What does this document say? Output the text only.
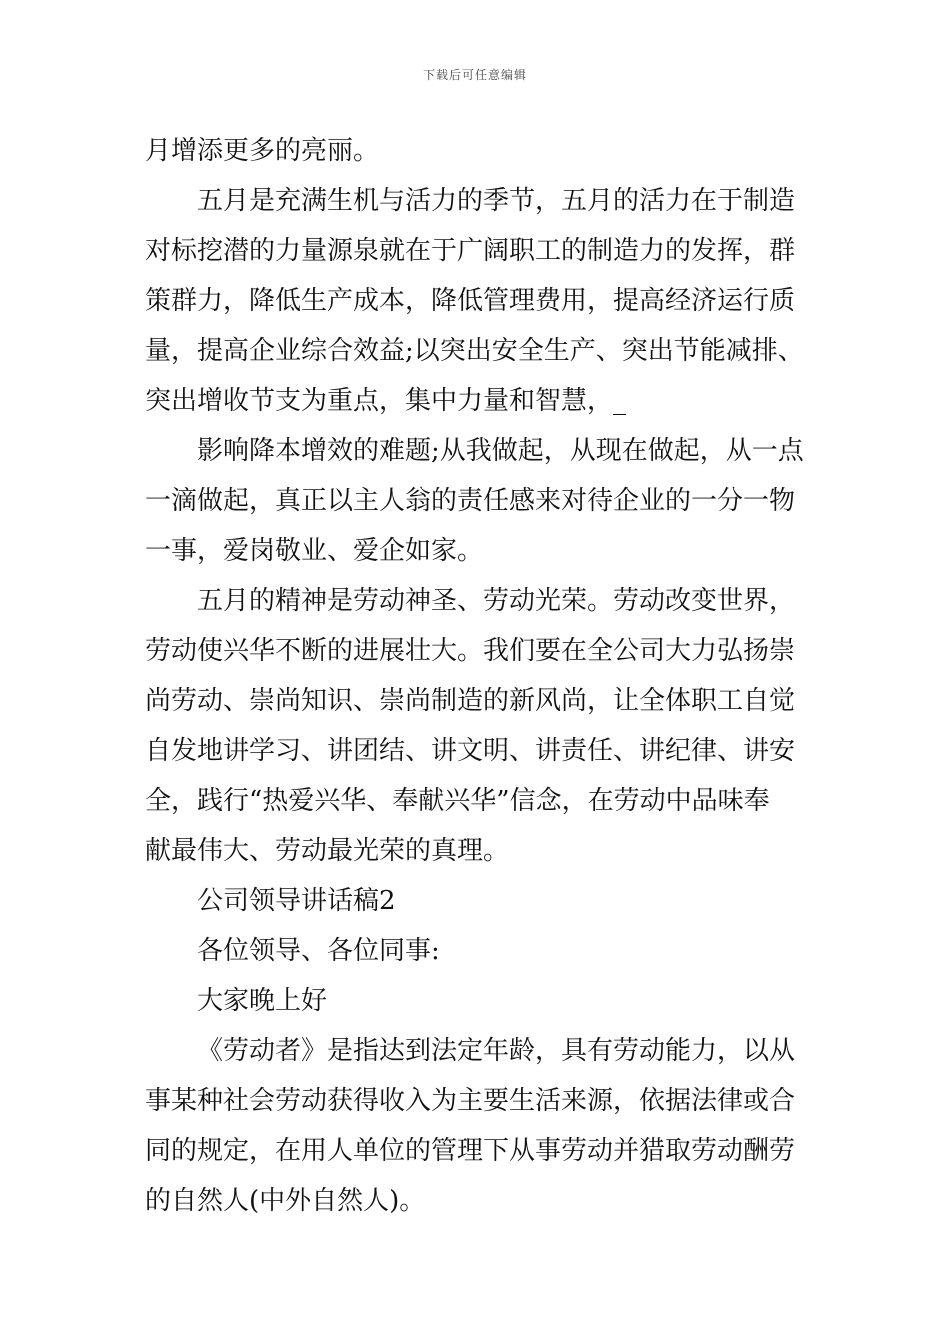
下载后可任意编辑
月增添更多的亮丽。
五月是充满生机与活力的季节，五月的活力在于制造
对标挖潜的力量源泉就在于广阔职工的制造力的发挥，群
策群力，降低生产成本，降低管理费用，提高经济运行质
量，提高企业综合效益;以突出安全生产、突出节能减排、
突出增收节支为重点，集中力量和智慧，_
影响降本增效的难题;从我做起，从现在做起，从一点
一滴做起，真正以主人翁的责任感来对待企业的一分一物
一事，爱岗敬业、爱企如家。
五月的精神是劳动神圣、劳动光荣。劳动改变世界，
劳动使兴华不断的进展壮大。我们要在全公司大力弘扬崇
尚劳动、崇尚知识、崇尚制造的新风尚，让全体职工自觉
自发地讲学习、讲团结、讲文明、讲责任、讲纪律、讲安
全，践行“热爱兴华、奉献兴华”信念，在劳动中品味奉
献最伟大、劳动最光荣的真理。
公司领导讲话稿2
各位领导、各位同事:
大家晚上好
《劳动者》是指达到法定年龄，具有劳动能力，以从
事某种社会劳动获得收入为主要生活来源，依据法律或合
同的规定，在用人单位的管理下从事劳动并猎取劳动酬劳
的自然人(中外自然人)。
